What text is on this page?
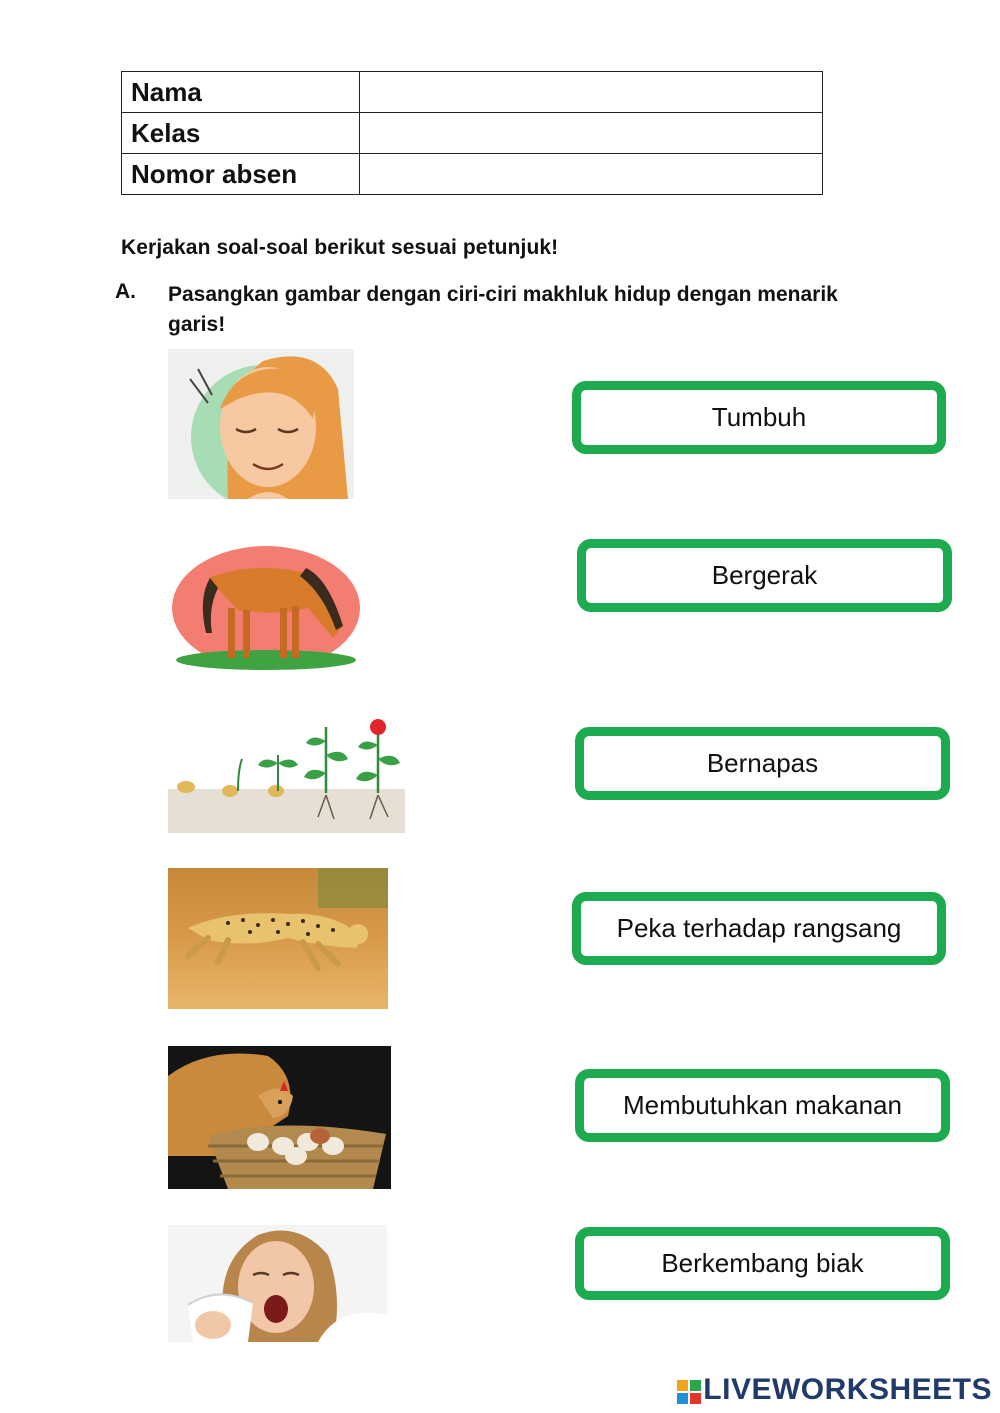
Nama	
Kelas	
Nomor absen	
Kerjakan soal-soal berikut sesuai petunjuk!
A. Pasangkan gambar dengan ciri-ciri makhluk hidup dengan menarik garis!
Tumbuh
Bergerak
Bernapas
Peka terhadap rangsang
Membutuhkan makanan
Berkembang biak
LIVEWORKSHEETS
